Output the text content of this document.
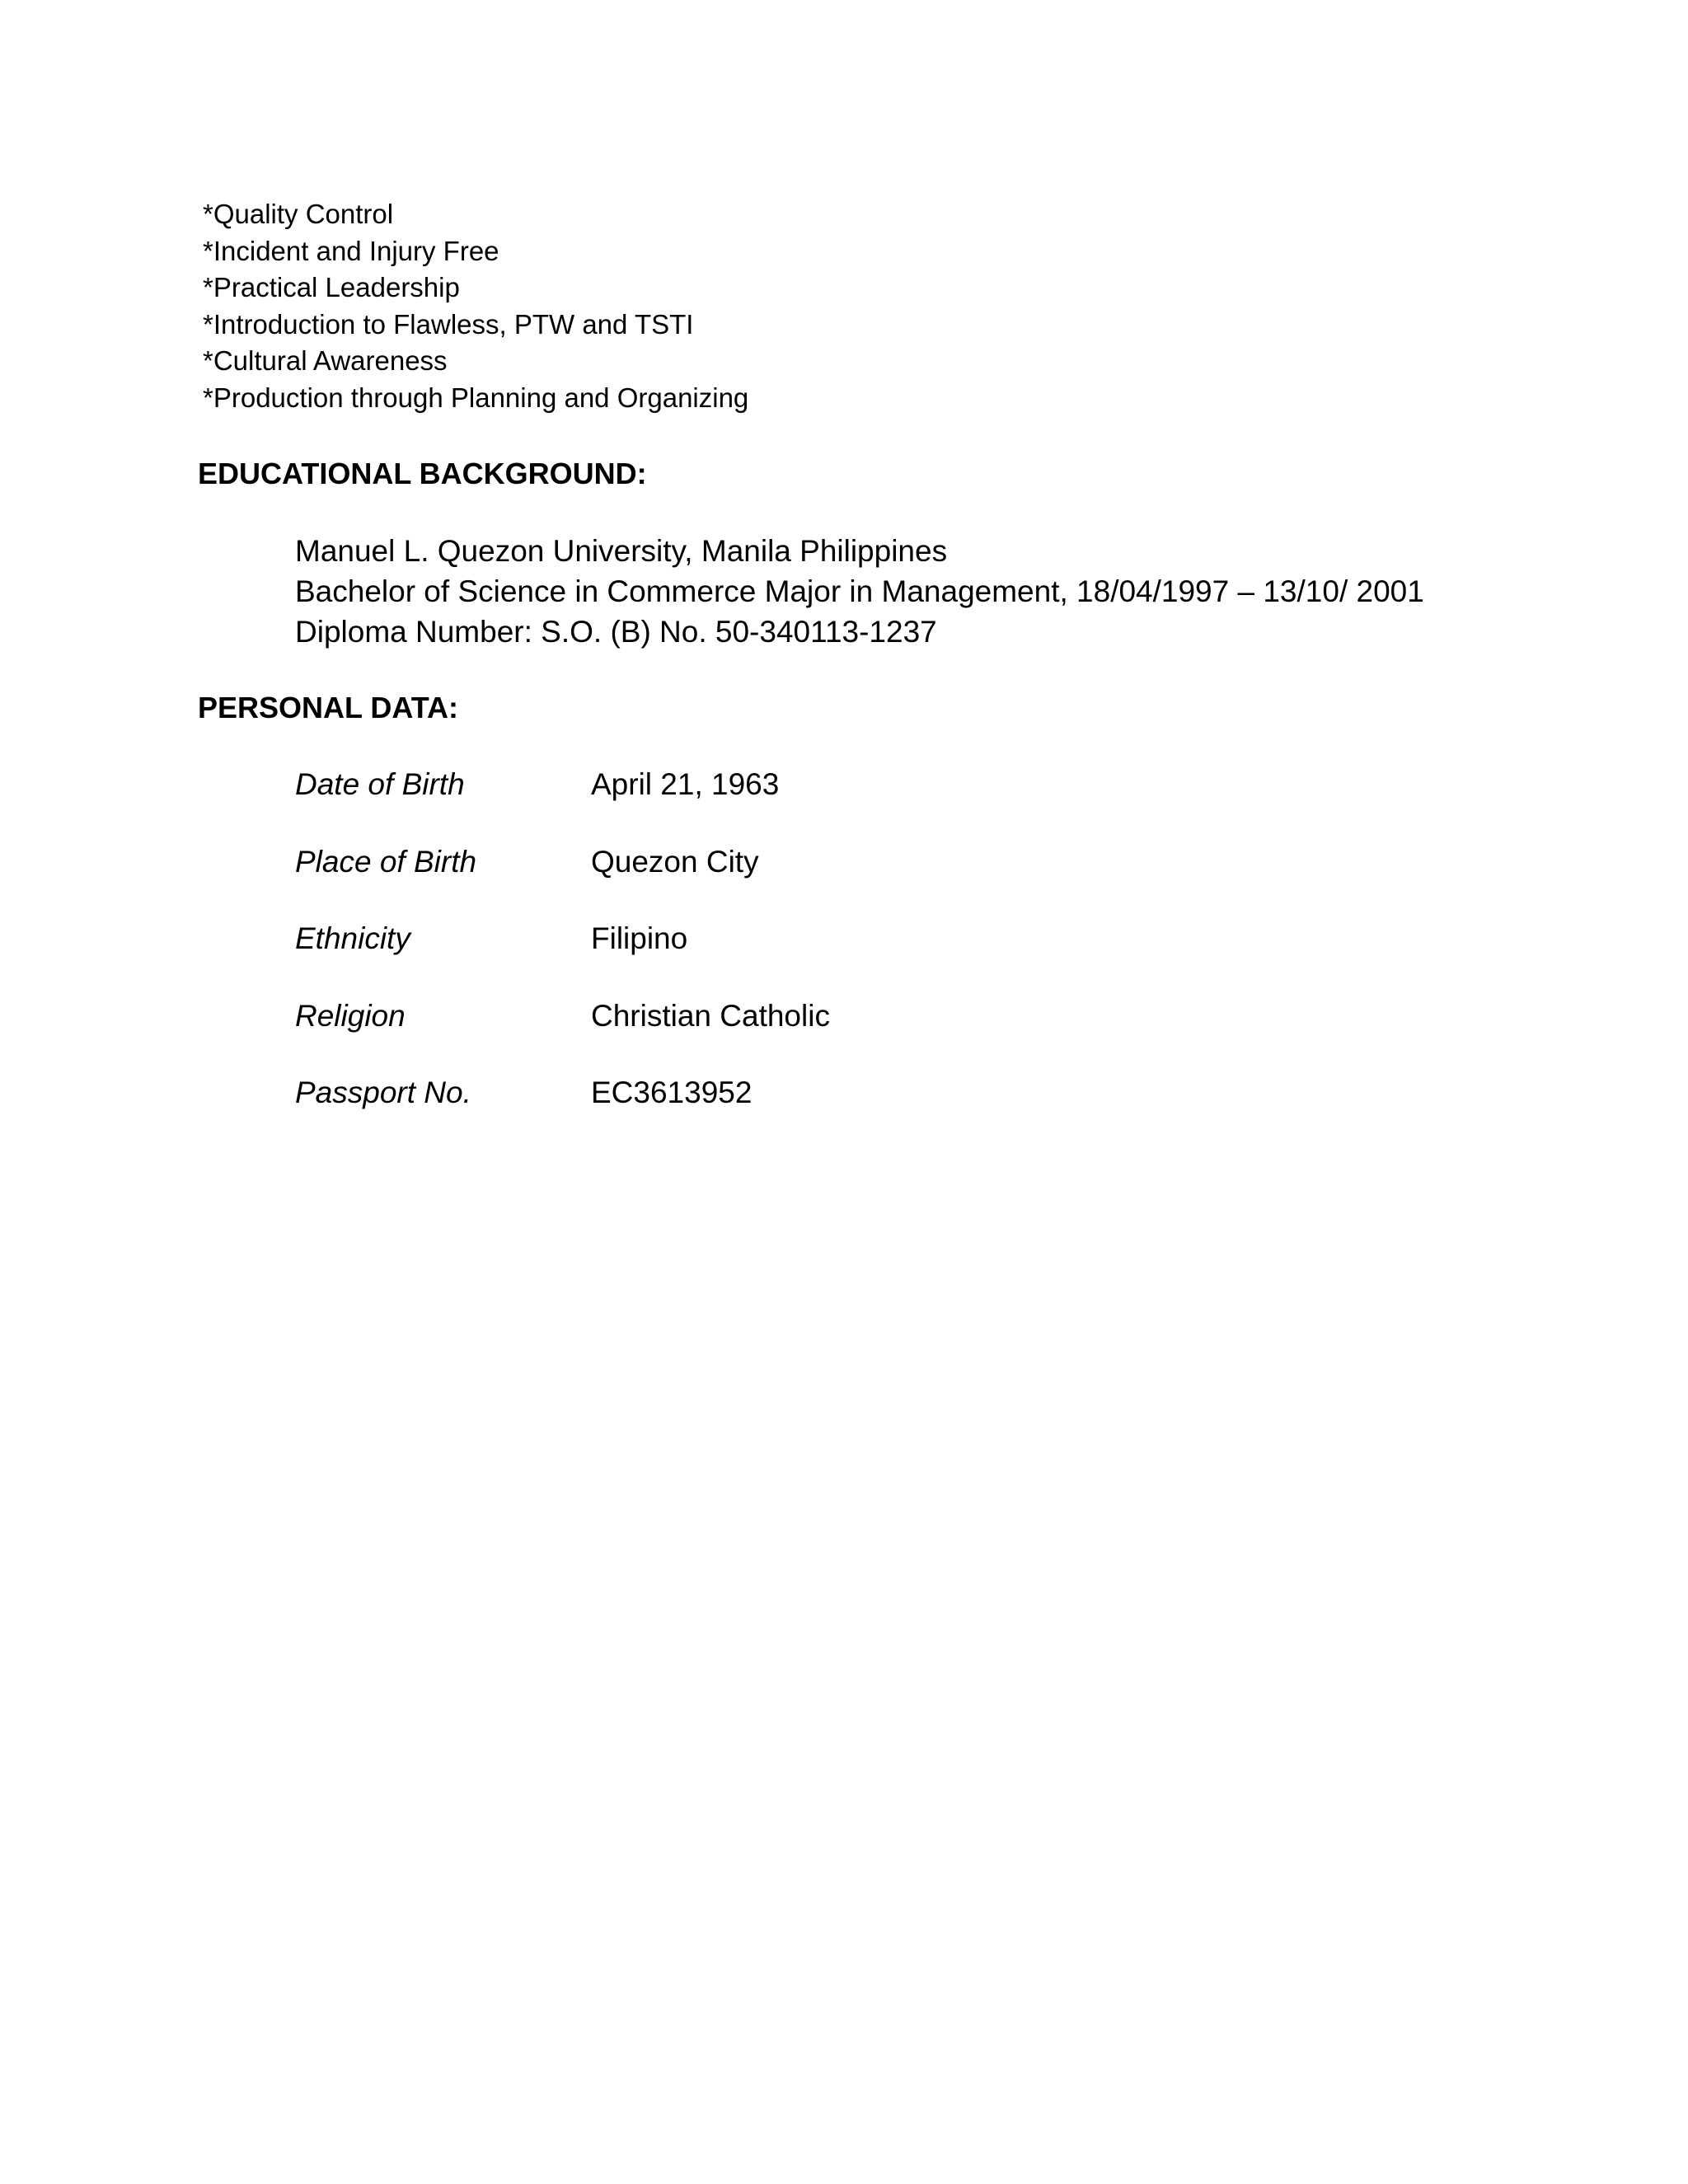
*Quality Control
*Incident and Injury Free
*Practical Leadership
*Introduction to Flawless, PTW and TSTI
*Cultural Awareness
*Production through Planning and Organizing
EDUCATIONAL BACKGROUND:
Manuel L. Quezon University, Manila Philippines
Bachelor of Science in Commerce Major in Management, 18/04/1997 – 13/10/ 2001
Diploma Number: S.O. (B) No. 50-340113-1237
PERSONAL DATA:
Date of Birth	April 21, 1963
Place of Birth	Quezon City
Ethnicity	Filipino
Religion	Christian Catholic
Passport No.	EC3613952
